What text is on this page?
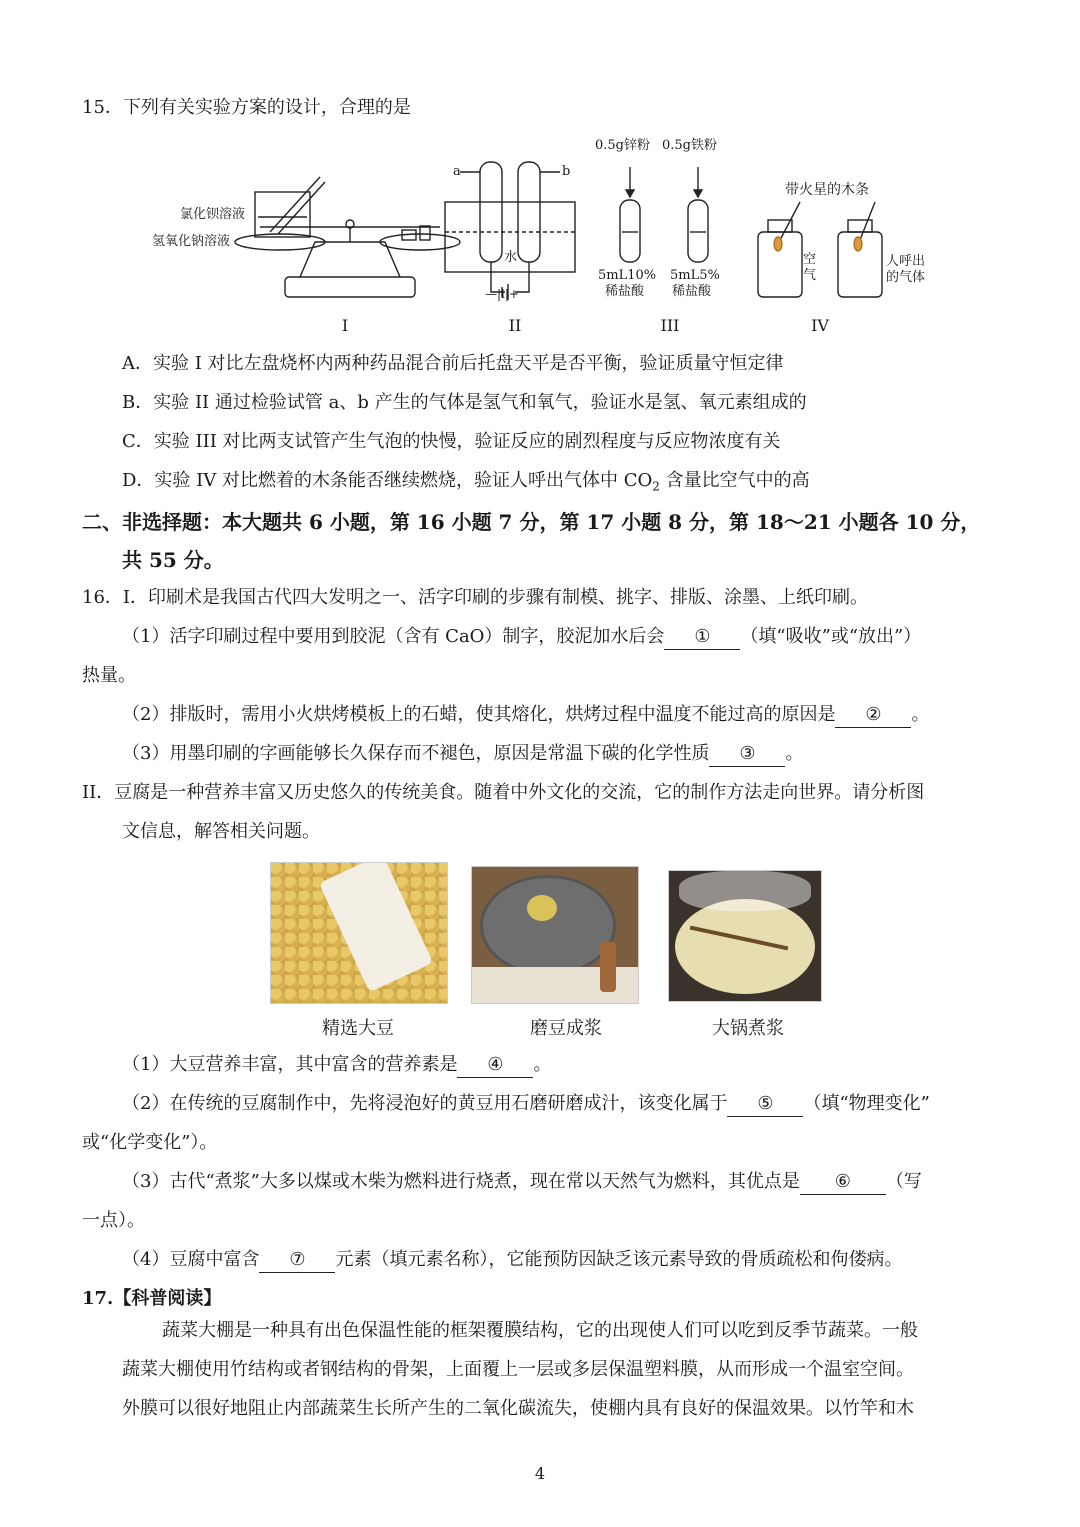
15．下列有关实验方案的设计，合理的是
氯化钡溶液
氢氧化钠溶液
I
a	b
水
—|l|+
II
0.5g锌粉 0.5g铁粉
5mL10%
稀盐酸
5mL5%
稀盐酸
III
带火星的木条
空气
人呼出
的气体
IV
A．实验 I 对比左盘烧杯内两种药品混合前后托盘天平是否平衡，验证质量守恒定律
B．实验 II 通过检验试管 a、b 产生的气体是氢气和氧气，验证水是氢、氧元素组成的
C．实验 III 对比两支试管产生气泡的快慢，验证反应的剧烈程度与反应物浓度有关
D．实验 IV 对比燃着的木条能否继续燃烧，验证人呼出气体中 $CO_2$ 含量比空气中的高
二、非选择题：本大题共 6 小题，第 16 小题 7 分，第 17 小题 8 分，第 18～21 小题各 10 分，
共 55 分。
16．I．印刷术是我国古代四大发明之一、活字印刷的步骤有制模、挑字、排版、涂墨、上纸印刷。
（1）活字印刷过程中要用到胶泥（含有 CaO）制字，胶泥加水后会 ① （填“吸收”或“放出”）
热量。
（2）排版时，需用小火烘烤模板上的石蜡，使其熔化，烘烤过程中温度不能过高的原因是 ② 。
（3）用墨印刷的字画能够长久保存而不褪色，原因是常温下碳的化学性质 ③ 。
II．豆腐是一种营养丰富又历史悠久的传统美食。随着中外文化的交流，它的制作方法走向世界。请分析图
文信息，解答相关问题。
精选大豆	磨豆成浆	大锅煮浆
（1）大豆营养丰富，其中富含的营养素是 ④ 。
（2）在传统的豆腐制作中，先将浸泡好的黄豆用石磨研磨成汁，该变化属于 ⑤ （填“物理变化”
或“化学变化”）。
（3）古代“煮浆”大多以煤或木柴为燃料进行烧煮，现在常以天然气为燃料，其优点是 ⑥ （写
一点）。
（4）豆腐中富含 ⑦ 元素（填元素名称），它能预防因缺乏该元素导致的骨质疏松和佝偻病。
17.【科普阅读】
蔬菜大棚是一种具有出色保温性能的框架覆膜结构，它的出现使人们可以吃到反季节蔬菜。一般
蔬菜大棚使用竹结构或者钢结构的骨架，上面覆上一层或多层保温塑料膜，从而形成一个温室空间。
外膜可以很好地阻止内部蔬菜生长所产生的二氧化碳流失，使棚内具有良好的保温效果。以竹竿和木
4
